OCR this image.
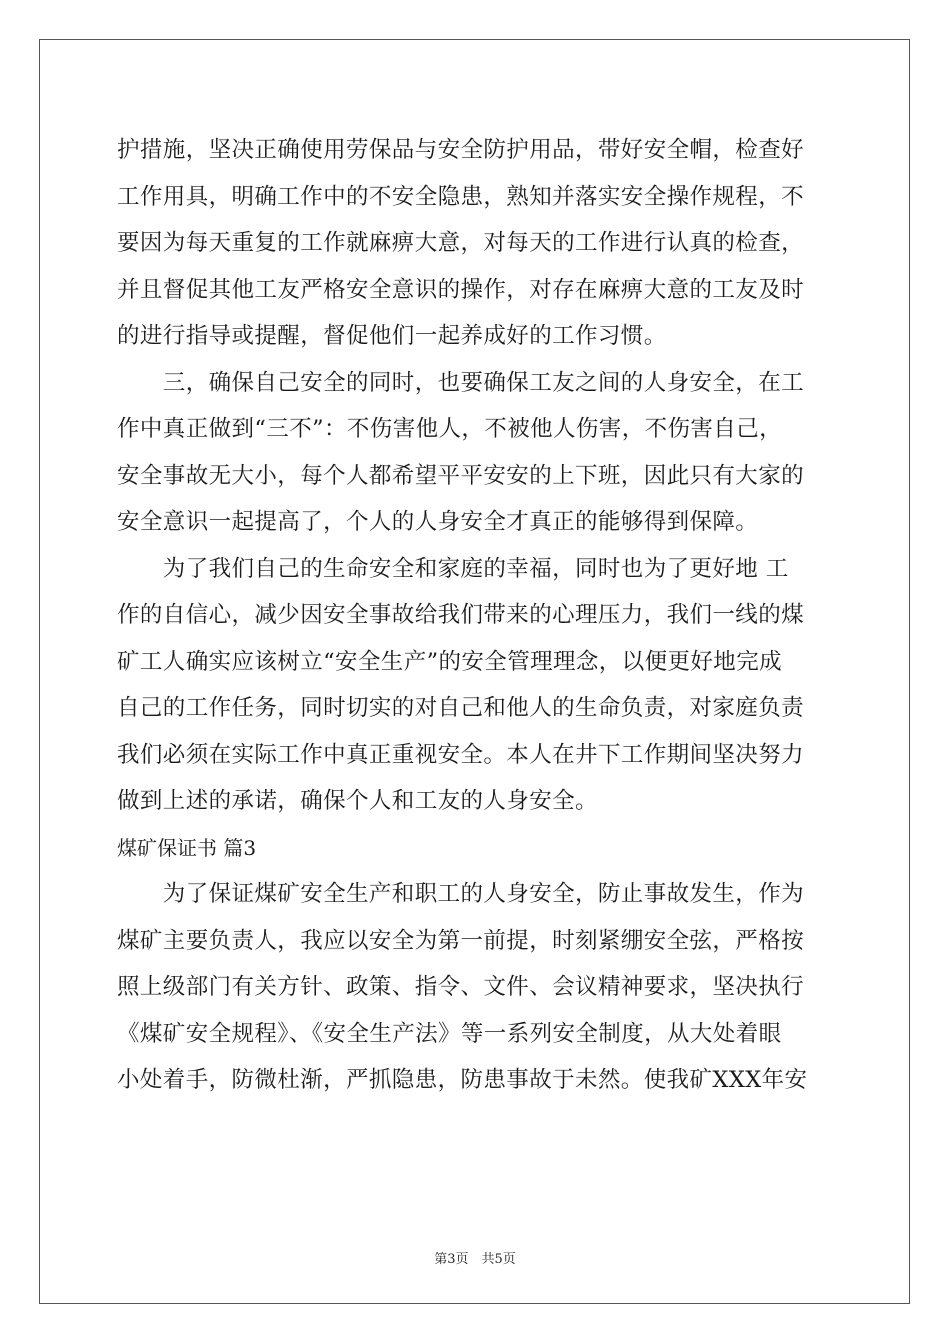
护措施，坚决正确使用劳保品与安全防护用品，带好安全帽，检查好
工作用具，明确工作中的不安全隐患，熟知并落实安全操作规程，不
要因为每天重复的工作就麻痹大意，对每天的工作进行认真的检查，
并且督促其他工友严格安全意识的操作，对存在麻痹大意的工友及时
的进行指导或提醒，督促他们一起养成好的工作习惯。
　　三，确保自己安全的同时，也要确保工友之间的人身安全，在工
作中真正做到“三不”：不伤害他人，不被他人伤害，不伤害自己，
安全事故无大小，每个人都希望平平安安的上下班，因此只有大家的
安全意识一起提高了，个人的人身安全才真正的能够得到保障。
　　为了我们自己的生命安全和家庭的幸福，同时也为了更好地 工
作的自信心，减少因安全事故给我们带来的心理压力，我们一线的煤
矿工人确实应该树立“安全生产”的安全管理理念，以便更好地完成
自己的工作任务，同时切实的对自己和他人的生命负责，对家庭负责
我们必须在实际工作中真正重视安全。本人在井下工作期间坚决努力
做到上述的承诺，确保个人和工友的人身安全。
煤矿保证书 篇3
　　为了保证煤矿安全生产和职工的人身安全，防止事故发生，作为
煤矿主要负责人，我应以安全为第一前提，时刻紧绷安全弦，严格按
照上级部门有关方针、政策、指令、文件、会议精神要求，坚决执行
《煤矿安全规程》、《安全生产法》等一系列安全制度，从大处着眼
小处着手，防微杜渐，严抓隐患，防患事故于未然。使我矿XXX年安
第3页　共5页
